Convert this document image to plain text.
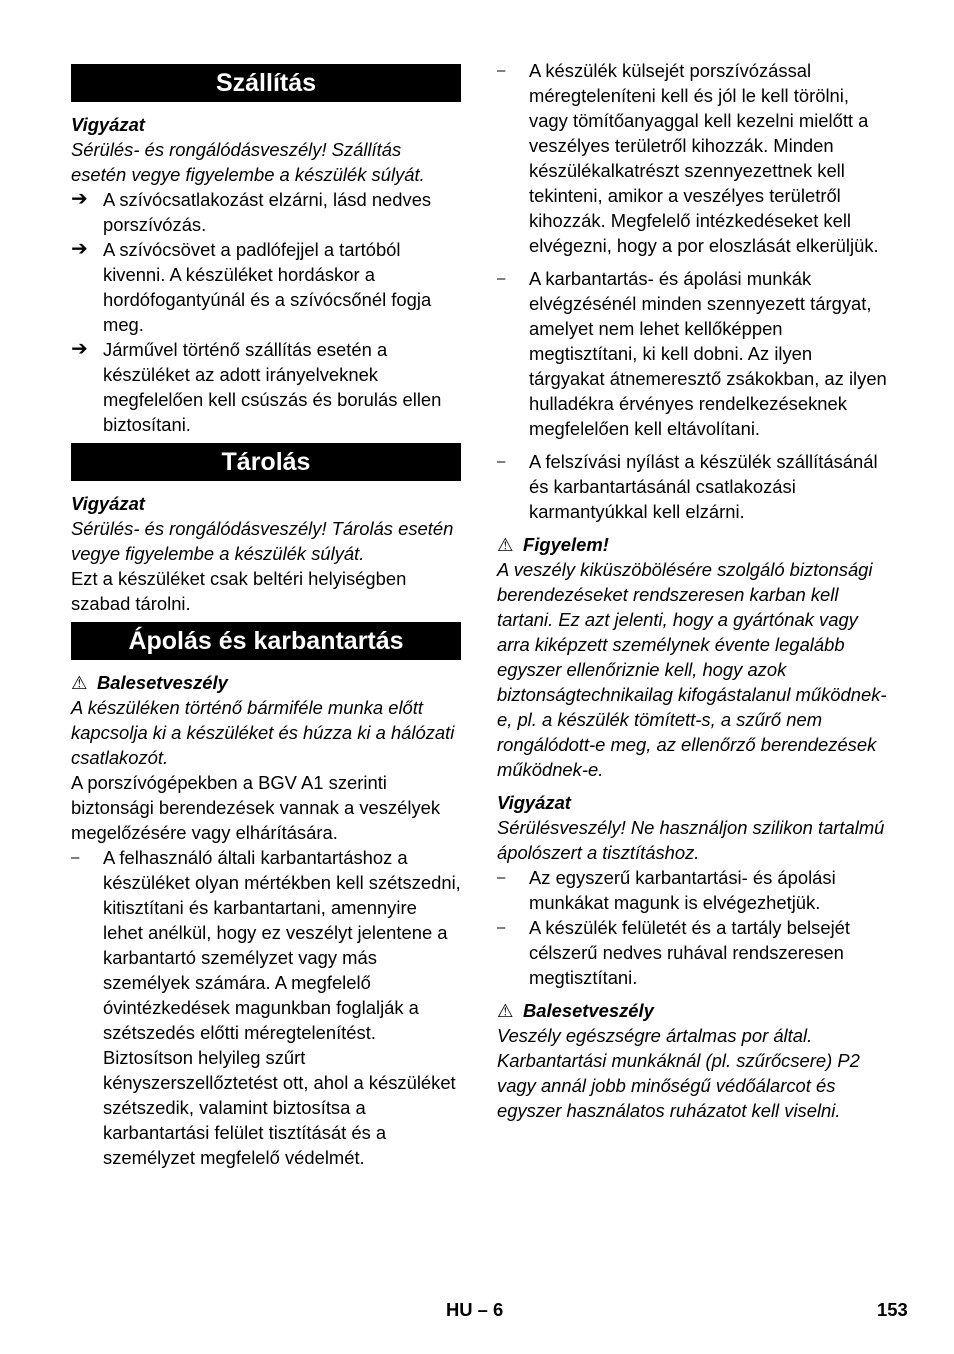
Szállítás

Vigyázat

Sérülés- és rongálódásveszély! Szállítás esetén vegye figyelembe a készülék súlyát.

➔ A szívócsatlakozást elzárni, lásd nedves porszívózás.
➔ A szívócsövet a padlófejjel a tartóból kivenni. A készüléket hordáskor a hordófogantyúnál és a szívócsőnél fogja meg.
➔ Járművel történő szállítás esetén a készüléket az adott irányelveknek megfelelően kell csúszás és borulás ellen biztosítani.
Tárolás

Vigyázat

Sérülés- és rongálódásveszély! Tárolás esetén vegye figyelembe a készülék súlyát.

Ezt a készüléket csak beltéri helyiségben szabad tárolni.

Ápolás és karbantartás

⚠ Balesetveszély

A készüléken történő bármiféle munka előtt kapcsolja ki a készüléket és húzza ki a hálózati csatlakozót.

A porszívógépekben a BGV A1 szerinti biztonsági berendezések vannak a veszélyek megelőzésére vagy elhárítására.

–	A felhasználó általi karbantartáshoz a készüléket olyan mértékben kell szétszedni, kitisztítani és karbantartani, amennyire lehet anélkül, hogy ez veszélyt jelentene a karbantartó személyzet vagy más személyek számára. A megfelelő óvintézkedések magunkban foglalják a szétszedés előtti méregtelenítést. Biztosítson helyileg szűrt kényszerszellőztetést ott, ahol a készüléket szétszedik, valamint biztosítsa a karbantartási felület tisztítását és a személyzet megfelelő védelmét.
–	A készülék külsejét porszívózással méregteleníteni kell és jól le kell törölni, vagy tömítőanyaggal kell kezelni mielőtt a veszélyes területről kihozzák. Minden készülékalkatrészt szennyezettnek kell tekinteni, amikor a veszélyes területről kihozzák. Megfelelő intézkedéseket kell elvégezni, hogy a por eloszlását elkerüljük.
–	A karbantartás- és ápolási munkák elvégzésénél minden szennyezett tárgyat, amelyet nem lehet kellőképpen megtisztítani, ki kell dobni. Az ilyen tárgyakat átnemeresztő zsákokban, az ilyen hulladékra érvényes rendelkezéseknek megfelelően kell eltávolítani.
–	A felszívási nyílást a készülék szállításánál és karbantartásánál csatlakozási karmantyúkkal kell elzárni.

⚠ Figyelem!

A veszély kiküszöbölésére szolgáló biztonsági berendezéseket rendszeresen karban kell tartani. Ez azt jelenti, hogy a gyártónak vagy arra kiképzett személynek évente legalább egyszer ellenőriznie kell, hogy azok biztonságtechnikailag kifogástalanul működnek-e, pl. a készülék tömített-s, a szűrő nem rongálódott-e meg, az ellenőrző berendezések működnek-e.

Vigyázat

Sérülésveszély! Ne használjon szilikon tartalmú ápolószert a tisztításhoz.

–	Az egyszerű karbantartási- és ápolási munkákat magunk is elvégezhetjük.
–	A készülék felületét és a tartály belsejét célszerű nedves ruhával rendszeresen megtisztítani.

⚠ Balesetveszély

Veszély egészségre ártalmas por által. Karbantartási munkáknál (pl. szűrőcsere) P2 vagy annál jobb minőségű védőálarcot és egyszer használatos ruházatot kell viselni.

HU – 6	153
